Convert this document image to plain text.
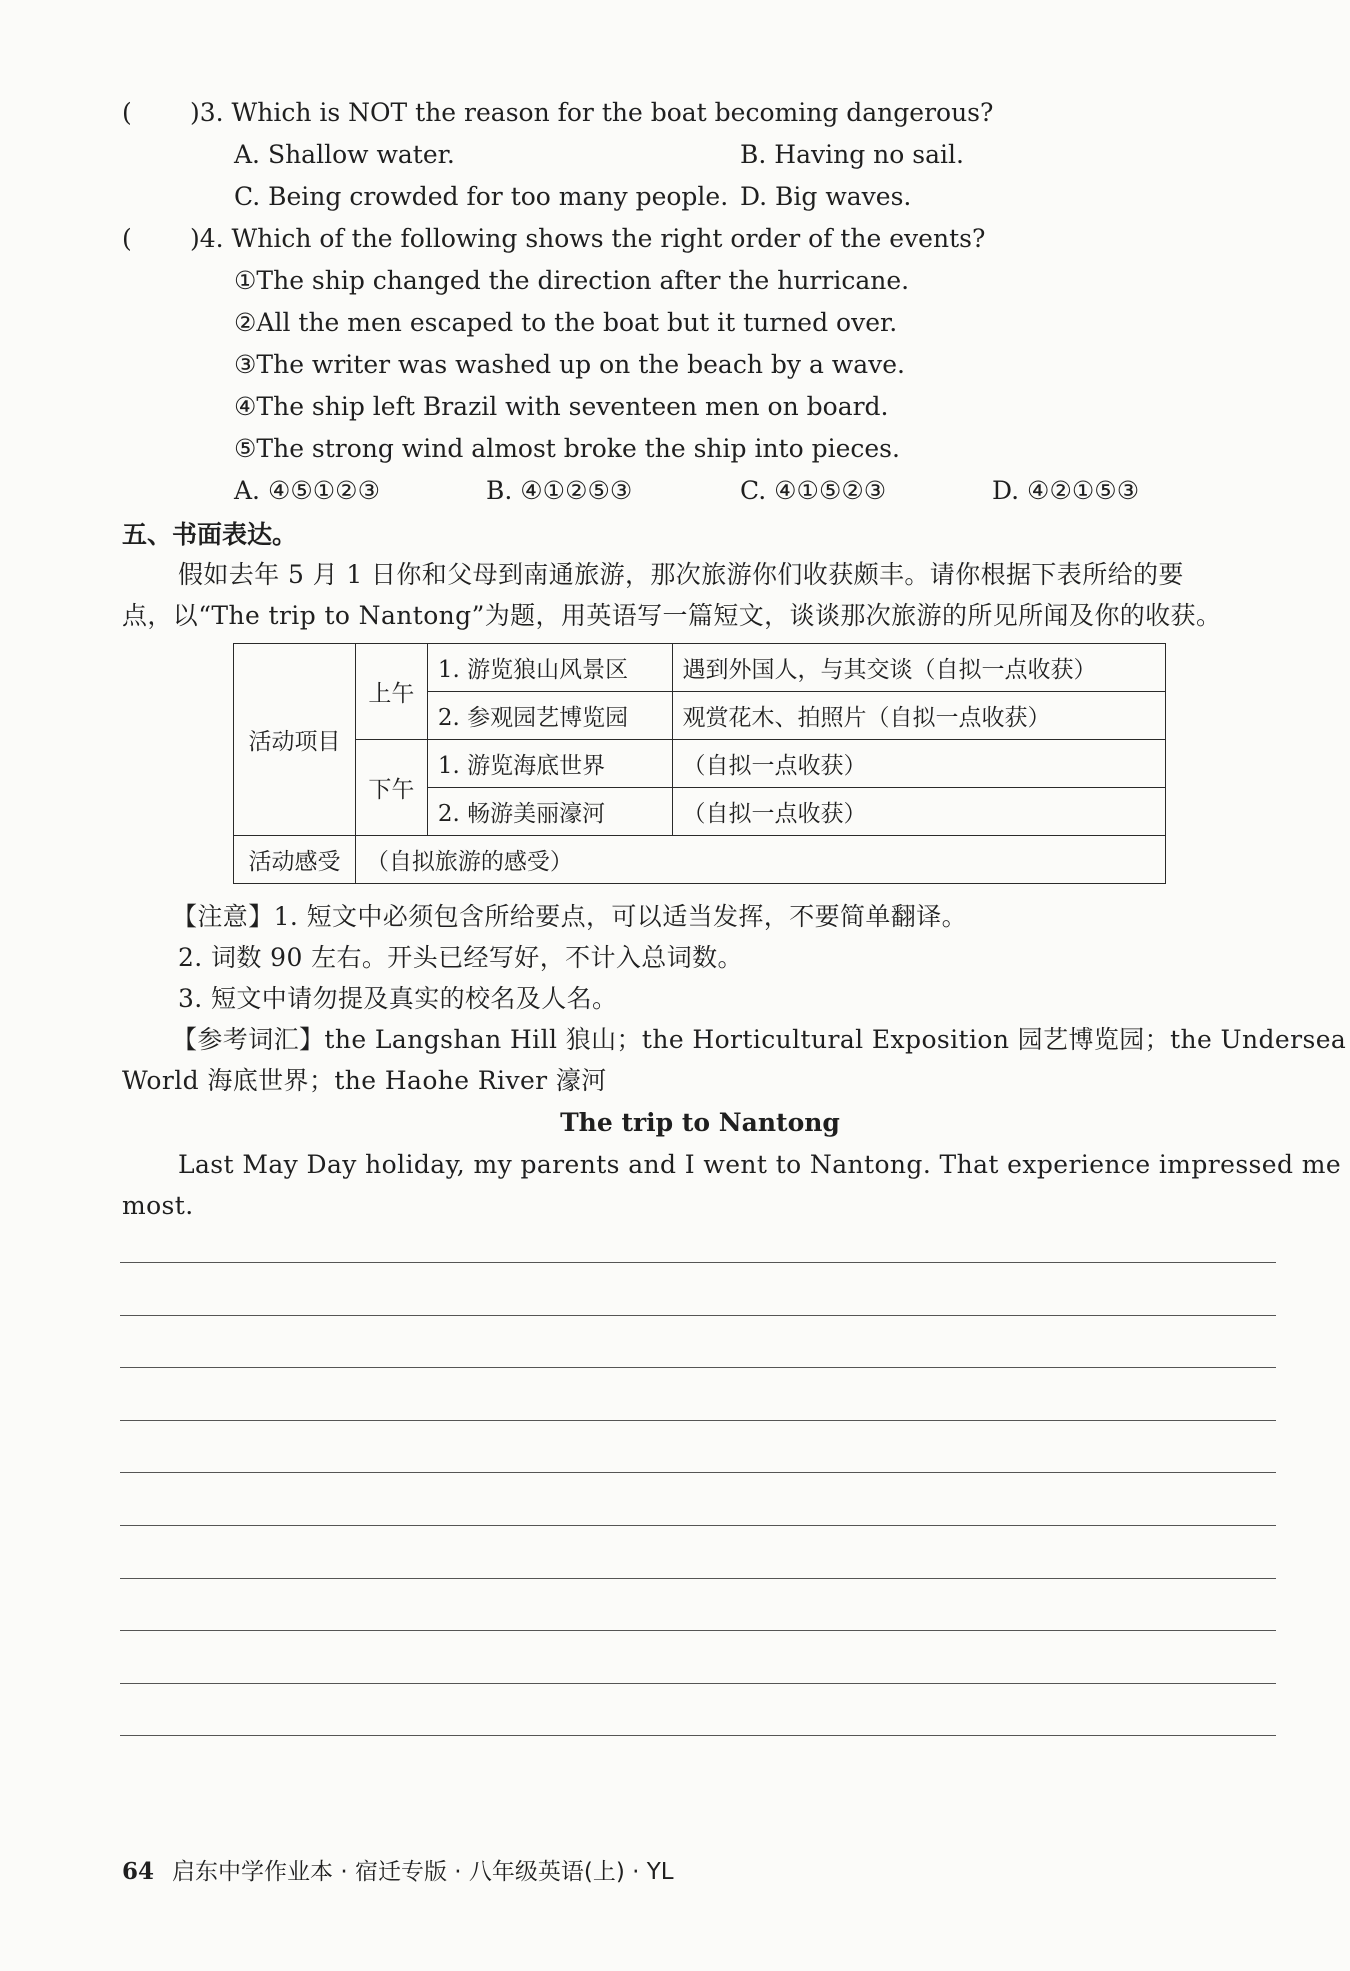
( )3. Which is NOT the reason for the boat becoming dangerous?
A. Shallow water.	B. Having no sail.
C. Being crowded for too many people. D. Big waves.
( )4. Which of the following shows the right order of the events?
①The ship changed the direction after the hurricane.
②All the men escaped to the boat but it turned over.
③The writer was washed up on the beach by a wave.
④The ship left Brazil with seventeen men on board.
⑤The strong wind almost broke the ship into pieces.
A. ④⑤①②③	B. ④①②⑤③	C. ④①⑤②③	D. ④②①⑤③
五、书面表达。
假如去年 5 月 1 日你和父母到南通旅游，那次旅游你们收获颇丰。请你根据下表所给的要
点，以“The trip to Nantong”为题，用英语写一篇短文，谈谈那次旅游的所见所闻及你的收获。
活动项目	上午	1. 游览狼山风景区	遇到外国人，与其交谈（自拟一点收获）
		2. 参观园艺博览园	观赏花木、拍照片（自拟一点收获）
	下午	1. 游览海底世界	（自拟一点收获）
		2. 畅游美丽濠河	（自拟一点收获）
活动感受	（自拟旅游的感受）		
【注意】1. 短文中必须包含所给要点，可以适当发挥，不要简单翻译。
2. 词数 90 左右。开头已经写好，不计入总词数。
3. 短文中请勿提及真实的校名及人名。
【参考词汇】the Langshan Hill 狼山；the Horticultural Exposition 园艺博览园；the Undersea
World 海底世界；the Haohe River 濠河
The trip to Nantong
Last May Day holiday, my parents and I went to Nantong. That experience impressed me
most.
64 启东中学作业本 · 宿迁专版 · 八年级英语(上) · YL
